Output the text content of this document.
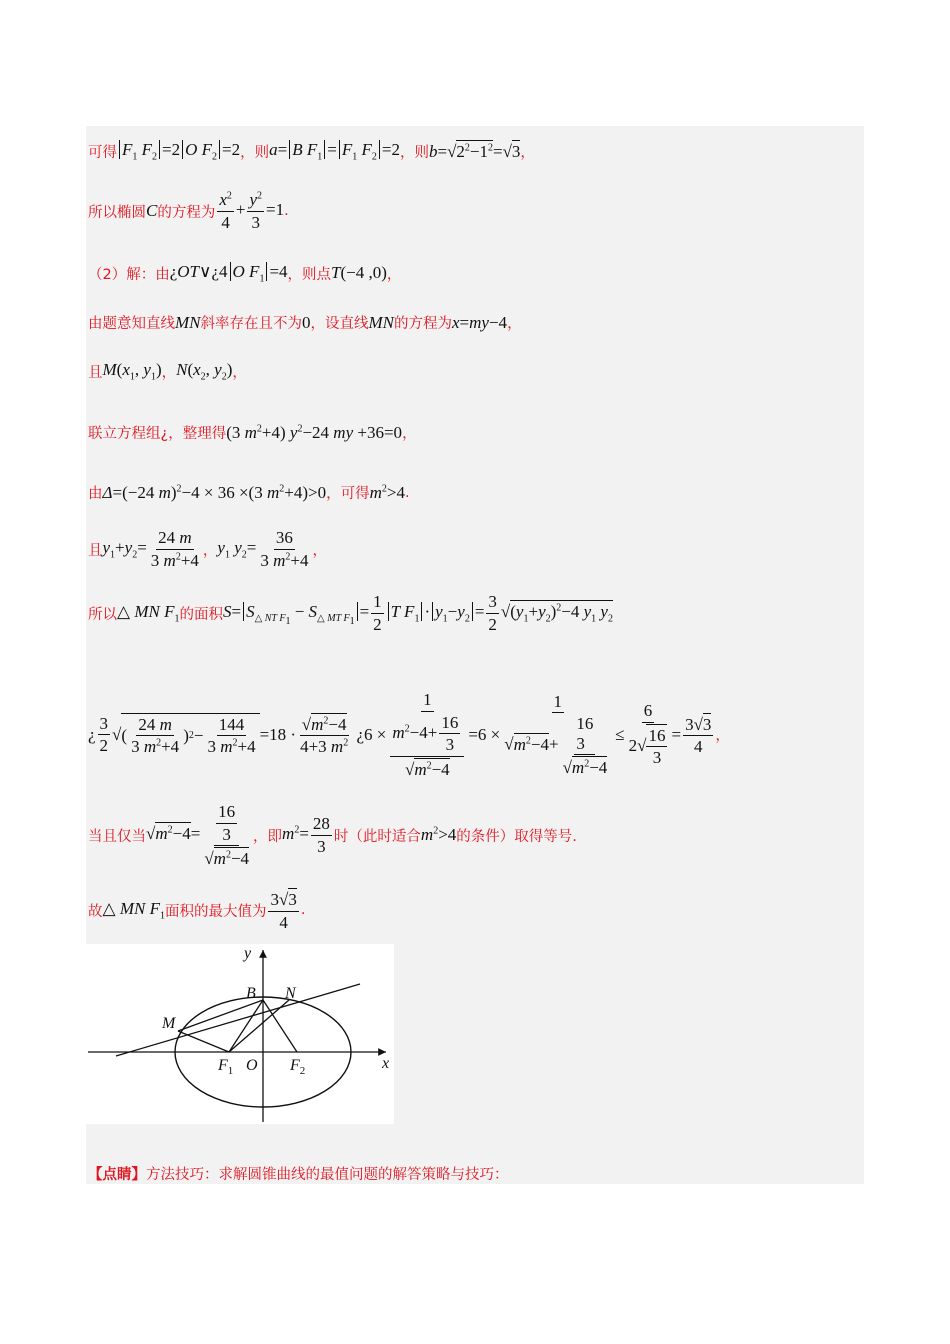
可得 $F_1$ $F_2 =2$ O $F_2 =2$ ，则 a= B $F_1 = F_1$ $F_2 =2$ ，则 $b=√2^2-1^2=√3$ ，
所以椭圆 C 的方程为 $\frac{x^2}{4} + \frac{y^2}{3} =1$ .
（2）解：由 ¿OT∨¿4 O $F_1 =4$ ，则点 T(−4 ,0) ，
由题意知直线 MN 斜率存在且不为 0 ，设直线 MN 的方程为 x=my−4 ，
且 $M(x_1$, $y_1$) ， $N(x_2$, $y_2$) ，
联立方程组¿，整理得 (3 $m^2+4$) $y^2-24$ my +36=0 ，
由 Δ=(−24 m)$^2$−4 × 36 ×(3 $m^2+4)>0$ ，可得 $m^2>4$ .
且 $y_1+y_2= \frac{24 m}{3 m^2+4}$ ， $y_1$ $y_2= \frac{36}{3 m^2+4}$ ，
所以 △ MN $F_1$ 的面积 $S= S_{\triangle NT F_1} - S_{\triangle MT F_1}= \frac{1}{2}$ T $F_1 \cdot y_1-y_2 = \frac{3}{2} √(y_1+y_2)^2-4$ $y_1$ $y_2$
¿ $\frac{3}{2}$ √ ( $\frac{24 m}{3 m^2+4}$ ) $2 - \frac{144}{3 m^2+4} =18 \cdot \frac{√m^2-4}{4+3 m^2}$ ¿$6 \times \frac{1}{\frac{m^2-4+ \frac{16}{3}}{√m^2-4}} =6$ ×
1
$√m^2-4+$
16
3
$√m^2-4$
≤ $\frac{6}{2√ \frac{16}{3}} = \frac{3√3}{4}$ ，
当且仅当 $√m^2-4= \frac{\frac{16}{3}}{√m^2-4}$ ，即 $m^2= \frac{28}{3}$ 时（此时适合 $m^2>4$ 的条件）取得等号.
故 △ MN $F_1$ 面积的最大值为 $\frac{3√3}{4}$ .
y
x
B N
M
$F_1$ O $F_2$
【点睛】 方法技巧：求解圆锥曲线的最值问题的解答策略与技巧：
